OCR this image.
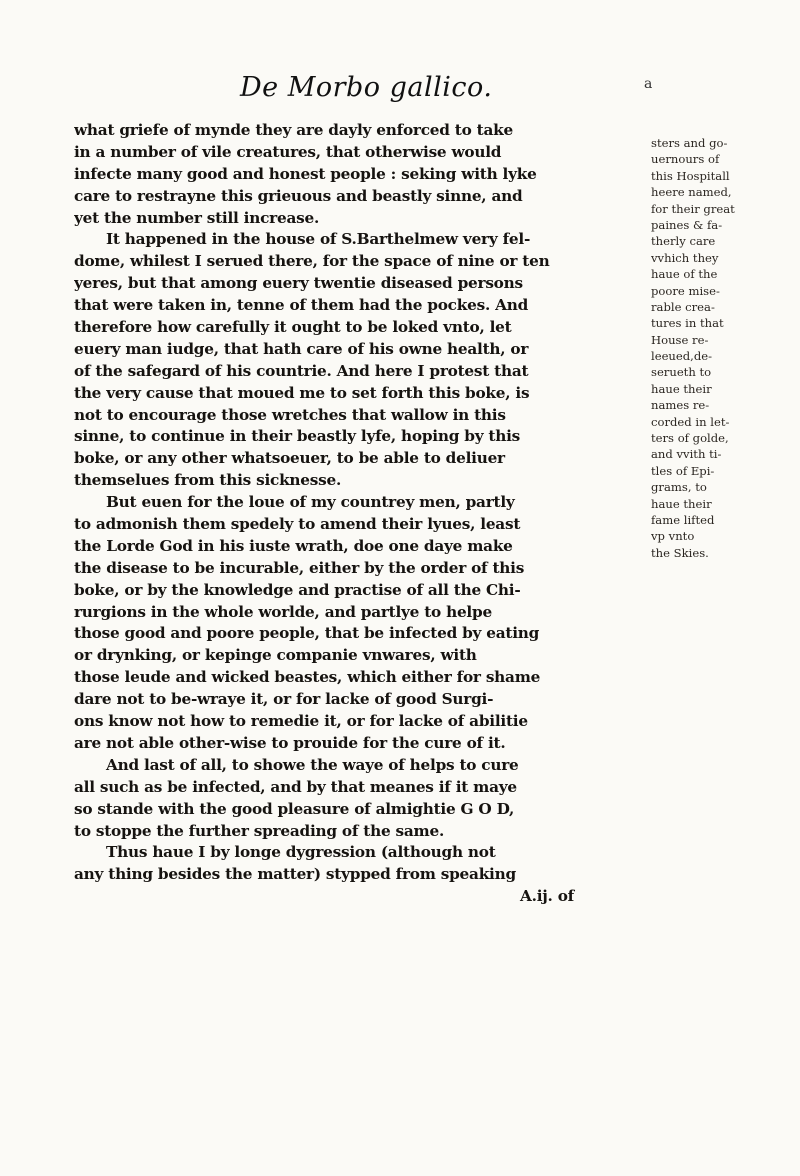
De Morbo gallico.	a
what griefe of mynde they are dayly enforced to take
in a number of vile creatures, that otherwise would
infecte many good and honest people : seking with lyke
care to restrayne this grieuous and beastly sinne, and
yet the number still increase.
It happened in the house of S.Barthelmew very fel-
dome, whilest I serued there, for the space of nine or ten
yeres, but that among euery twentie diseased persons
that were taken in, tenne of them had the pockes. And
therefore how carefully it ought to be loked vnto, let
euery man iudge, that hath care of his owne health, or
of the safegard of his countrie. And here I protest that
the very cause that moued me to set forth this boke, is
not to encourage those wretches that wallow in this
sinne, to continue in their beastly lyfe, hoping by this
boke, or any other whatsoeuer, to be able to deliuer
themselues from this sicknesse.
But euen for the loue of my countrey men, partly
to admonish them spedely to amend their lyues, least
the Lorde God in his iuste wrath, doe one daye make
the disease to be incurable, either by the order of this
boke, or by the knowledge and practise of all the Chi-
rurgions in the whole worlde, and partlye to helpe
those good and poore people, that be infected by eating
or drynking, or kepinge companie vnwares, with
those leude and wicked beastes, which either for shame
dare not to be-wraye it, or for lacke of good Surgi-
ons know not how to remedie it, or for lacke of abilitie
are not able other-wise to prouide for the cure of it.
And last of all, to showe the waye of helps to cure
all such as be infected, and by that meanes if it maye
so stande with the good pleasure of almightie G O D,
to stoppe the further spreading of the same.
Thus haue I by longe dygression (although not
any thing besides the matter) stypped from speaking
A.ij. of
sters and go-
uernours of
this Hospitall
heere named,
for their great
paines & fa-
therly care
vvhich they
haue of the
poore mise-
rable crea-
tures in that
House re-
leeued,de-
serueth to
haue their
names re-
corded in let-
ters of golde,
and vvith ti-
tles of Epi-
grams, to
haue their
fame lifted
vp vnto
the Skies.
